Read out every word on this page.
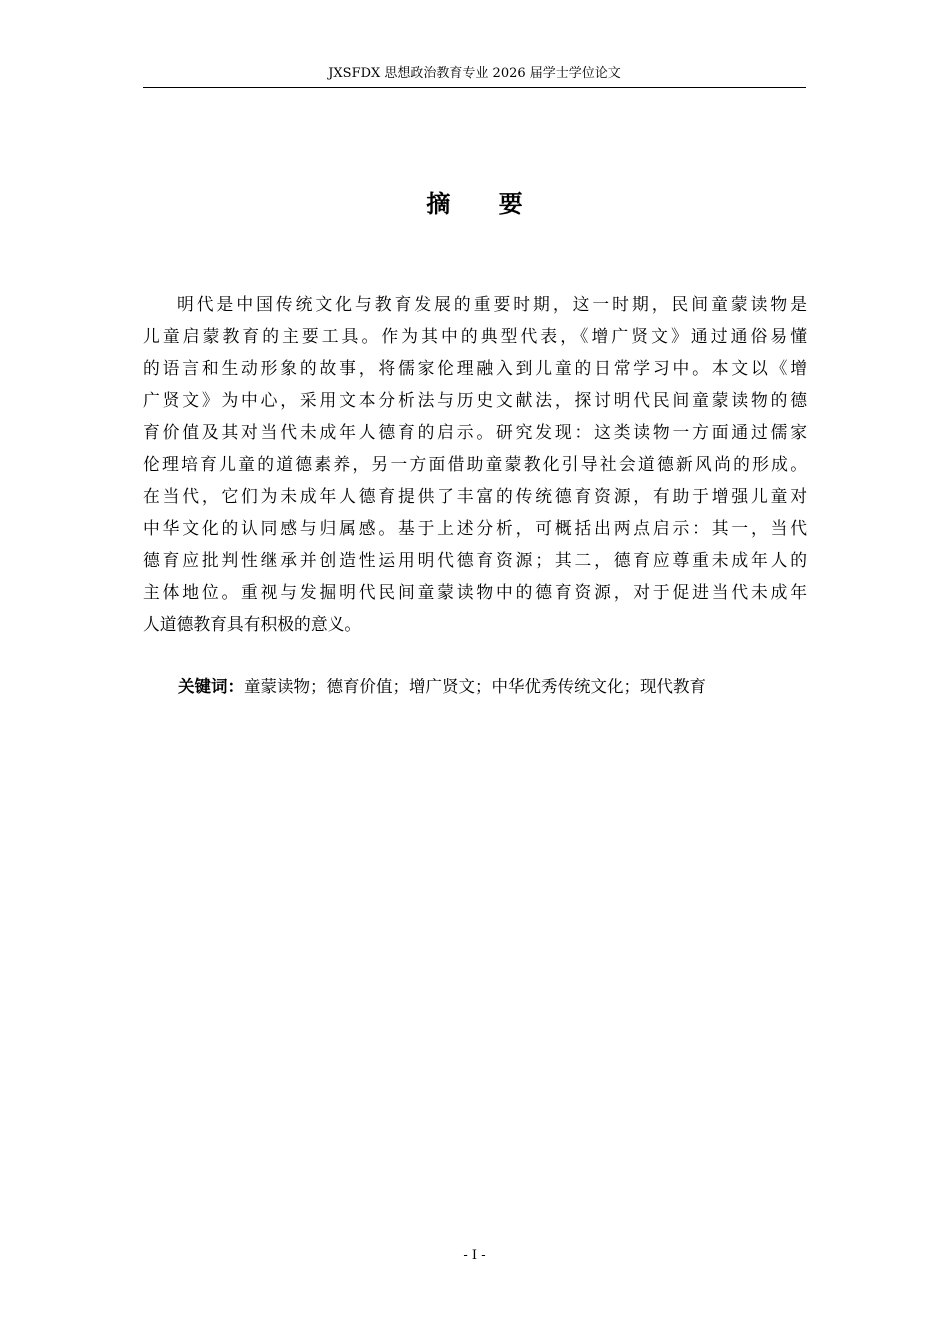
JXSFDX 思想政治教育专业 2026 届学士学位论文
摘 要
明代是中国传统文化与教育发展的重要时期，这一时期，民间童蒙读物是
儿童启蒙教育的主要工具。作为其中的典型代表，《增广贤文》通过通俗易懂
的语言和生动形象的故事，将儒家伦理融入到儿童的日常学习中。本文以《增
广贤文》为中心，采用文本分析法与历史文献法，探讨明代民间童蒙读物的德
育价值及其对当代未成年人德育的启示。研究发现：这类读物一方面通过儒家
伦理培育儿童的道德素养，另一方面借助童蒙教化引导社会道德新风尚的形成。
在当代，它们为未成年人德育提供了丰富的传统德育资源，有助于增强儿童对
中华文化的认同感与归属感。基于上述分析，可概括出两点启示：其一，当代
德育应批判性继承并创造性运用明代德育资源；其二，德育应尊重未成年人的
主体地位。重视与发掘明代民间童蒙读物中的德育资源，对于促进当代未成年
人道德教育具有积极的意义。
关键词：童蒙读物；德育价值；增广贤文；中华优秀传统文化；现代教育
- I -
